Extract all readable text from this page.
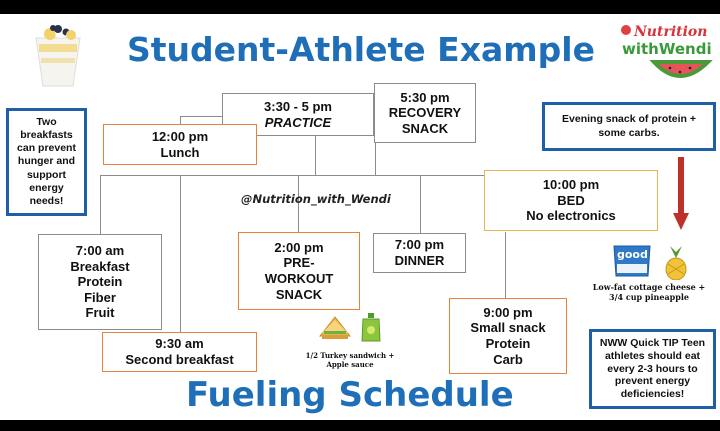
Student-Athlete Example
Fueling Schedule
Nutrition
withWendi
3:30 - 5 pm
PRACTICE
5:30 pm
RECOVERY
SNACK
7:00 am
Breakfast
Protein
Fiber
Fruit
7:00 pm
DINNER
12:00 pm
Lunch
2:00 pm
PRE-
WORKOUT
SNACK
9:30 am
Second breakfast
9:00 pm
Small snack
Protein
Carb
10:00 pm
BED
No electronics
Two breakfasts can prevent hunger and support energy needs!
Evening snack of protein + some carbs.
NWW Quick TIP Teen athletes should eat every 2-3 hours to prevent energy deficiencies!
@Nutrition_with_Wendi
1/2 Turkey sandwich + Apple sauce
good
Low-fat cottage cheese + 3/4 cup pineapple
